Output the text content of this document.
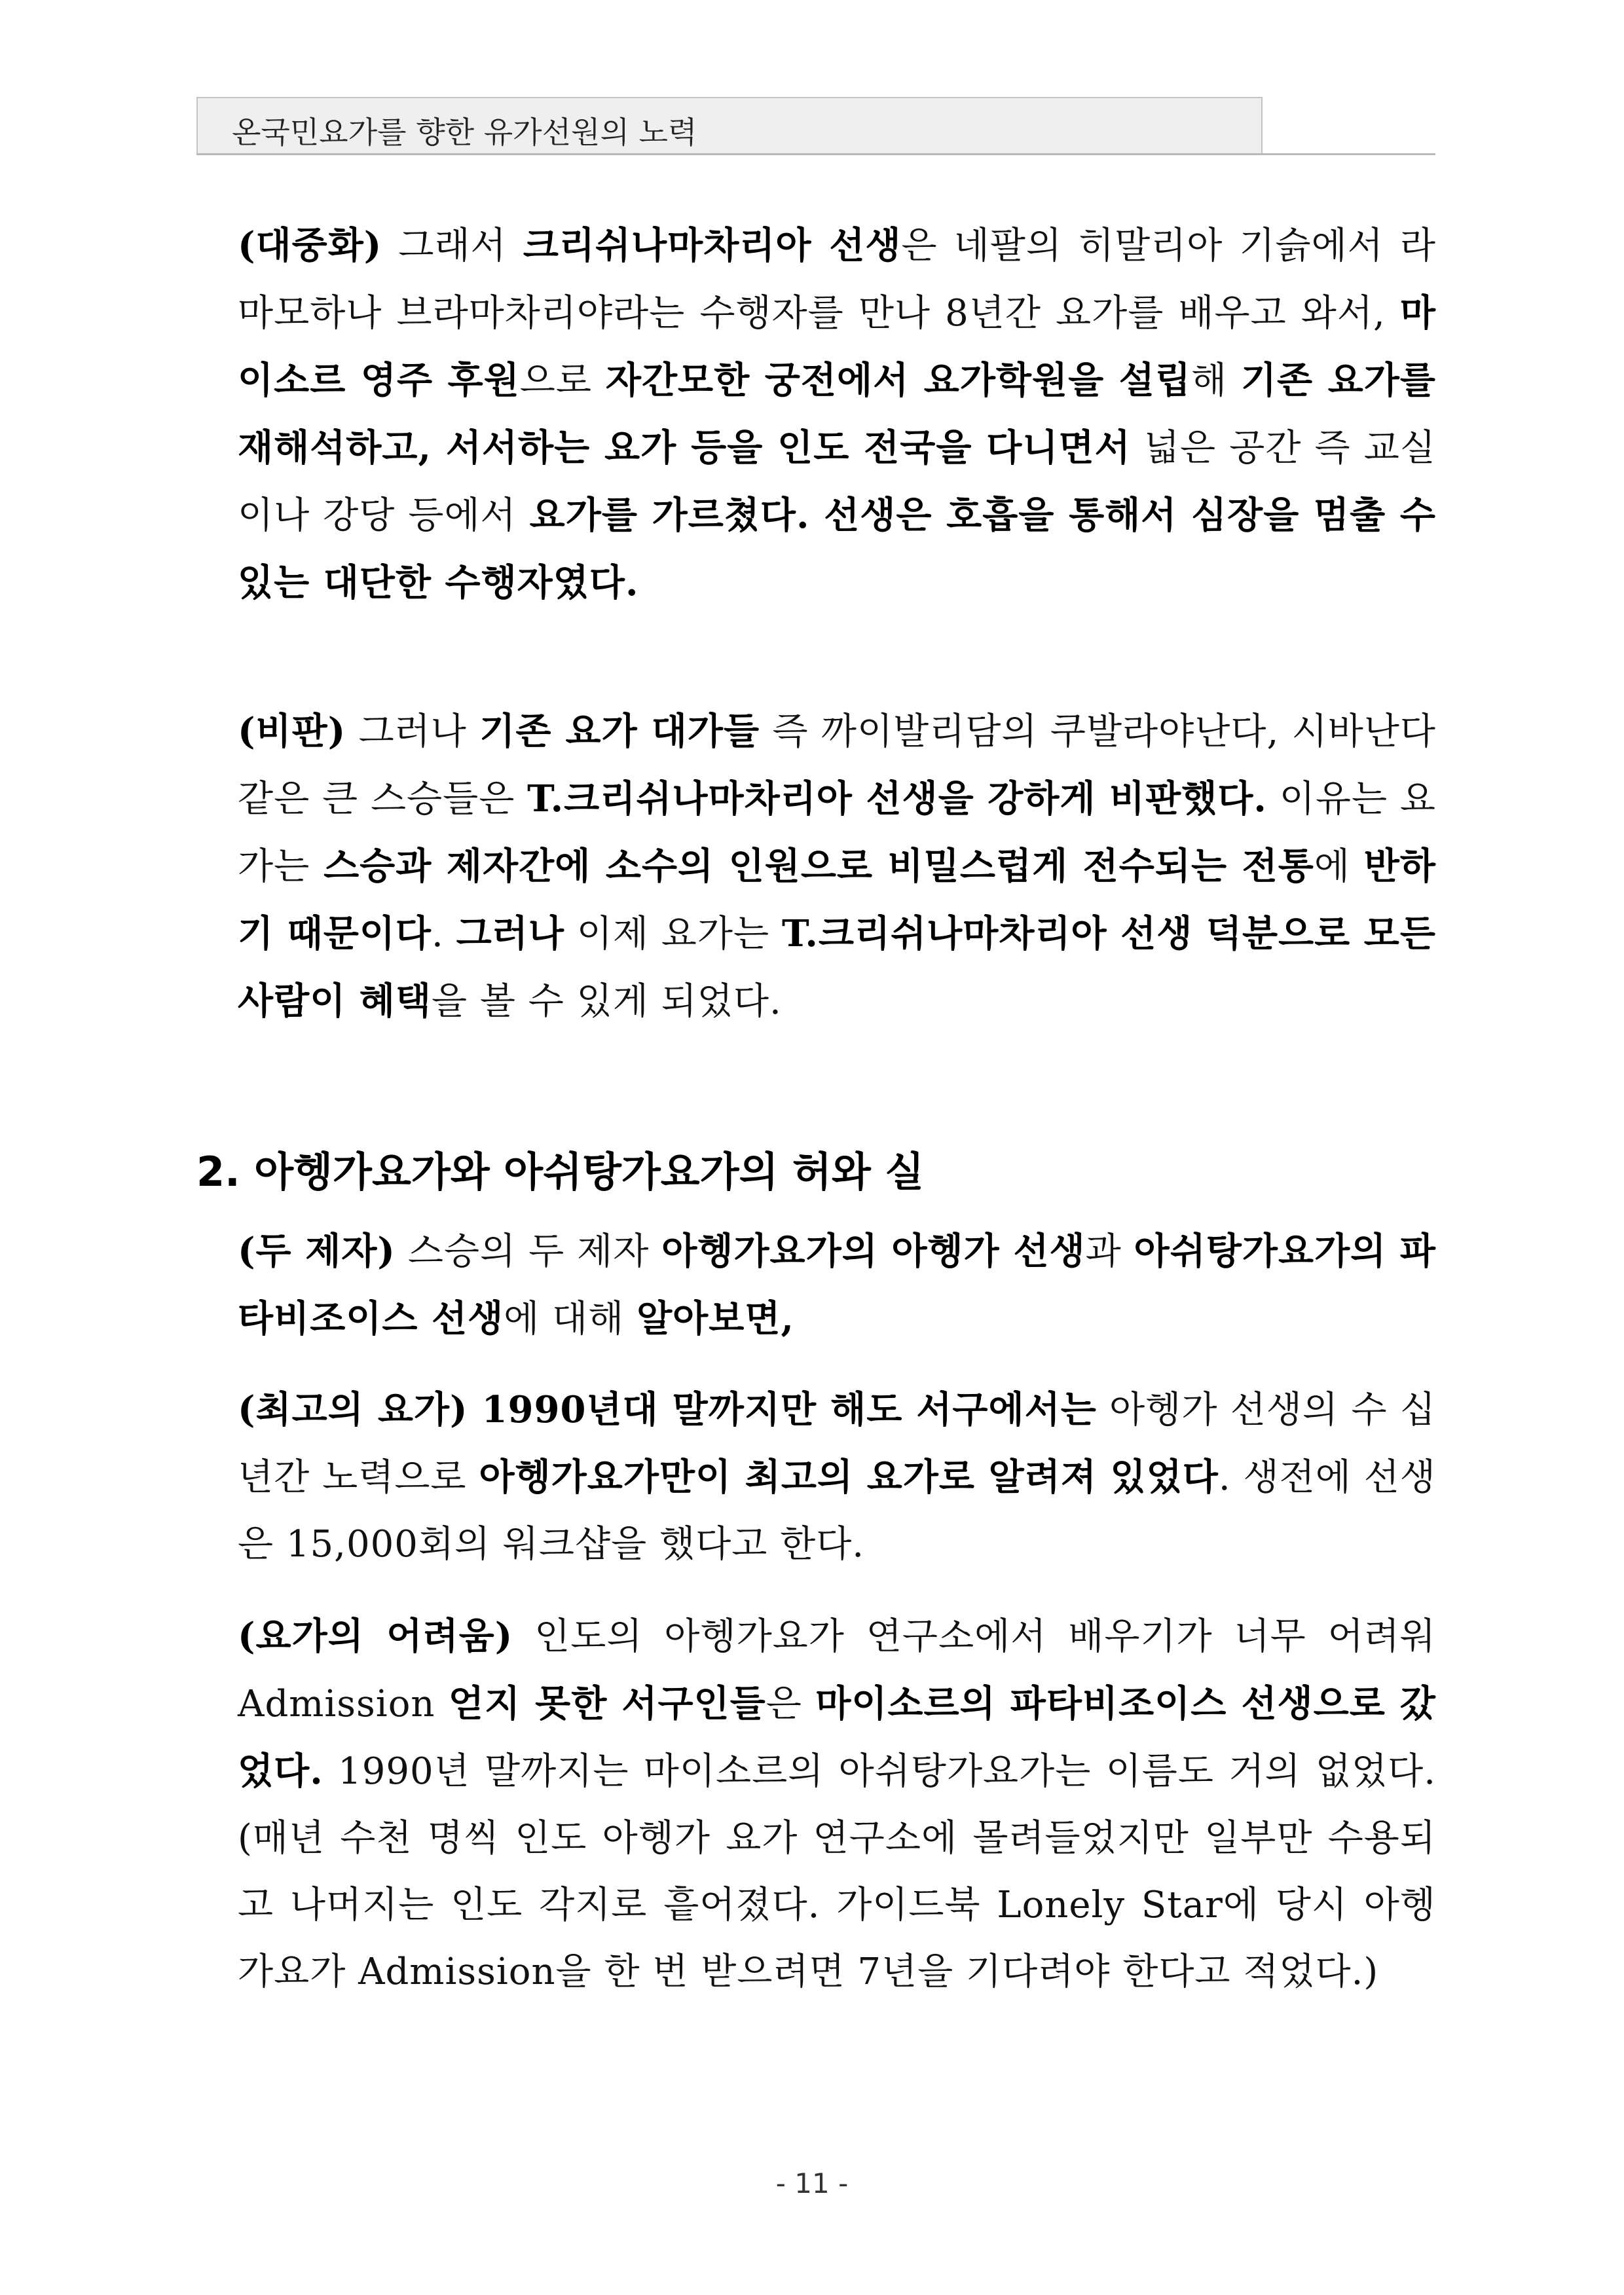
온국민요가를 향한 유가선원의 노력

(대중화) 그래서 크리쉬나마차리아 선생은 네팔의 히말리아 기슭에서 라마모하나 브라마차리야라는 수행자를 만나 8년간 요가를 배우고 와서, 마이소르 영주 후원으로 자간모한 궁전에서 요가학원을 설립해 기존 요가를 재해석하고, 서서하는 요가 등을 인도 전국을 다니면서 넓은 공간 즉 교실이나 강당 등에서 요가를 가르쳤다. 선생은 호흡을 통해서 심장을 멈출 수 있는 대단한 수행자였다.

(비판) 그러나 기존 요가 대가들 즉 까이발리담의 쿠발라야난다, 시바난다 같은 큰 스승들은 T.크리쉬나마차리아 선생을 강하게 비판했다. 이유는 요가는 스승과 제자간에 소수의 인원으로 비밀스럽게 전수되는 전통에 반하기 때문이다. 그러나 이제 요가는 T.크리쉬나마차리아 선생 덕분으로 모든 사람이 혜택을 볼 수 있게 되었다.

2. 아헹가요가와 아쉬탕가요가의 허와 실

(두 제자) 스승의 두 제자 아헹가요가의 아헹가 선생과 아쉬탕가요가의 파타비조이스 선생에 대해 알아보면,

(최고의 요가) 1990년대 말까지만 해도 서구에서는 아헹가 선생의 수 십년간 노력으로 아헹가요가만이 최고의 요가로 알려져 있었다. 생전에 선생은 15,000회의 워크샵을 했다고 한다.

(요가의 어려움) 인도의 아헹가요가 연구소에서 배우기가 너무 어려워 Admission 얻지 못한 서구인들은 마이소르의 파타비조이스 선생으로 갔었다. 1990년 말까지는 마이소르의 아쉬탕가요가는 이름도 거의 없었다. (매년 수천 명씩 인도 아헹가 요가 연구소에 몰려들었지만 일부만 수용되고 나머지는 인도 각지로 흩어졌다. 가이드북 Lonely Star에 당시 아헹가요가 Admission을 한 번 받으려면 7년을 기다려야 한다고 적었다.)

- 11 -
